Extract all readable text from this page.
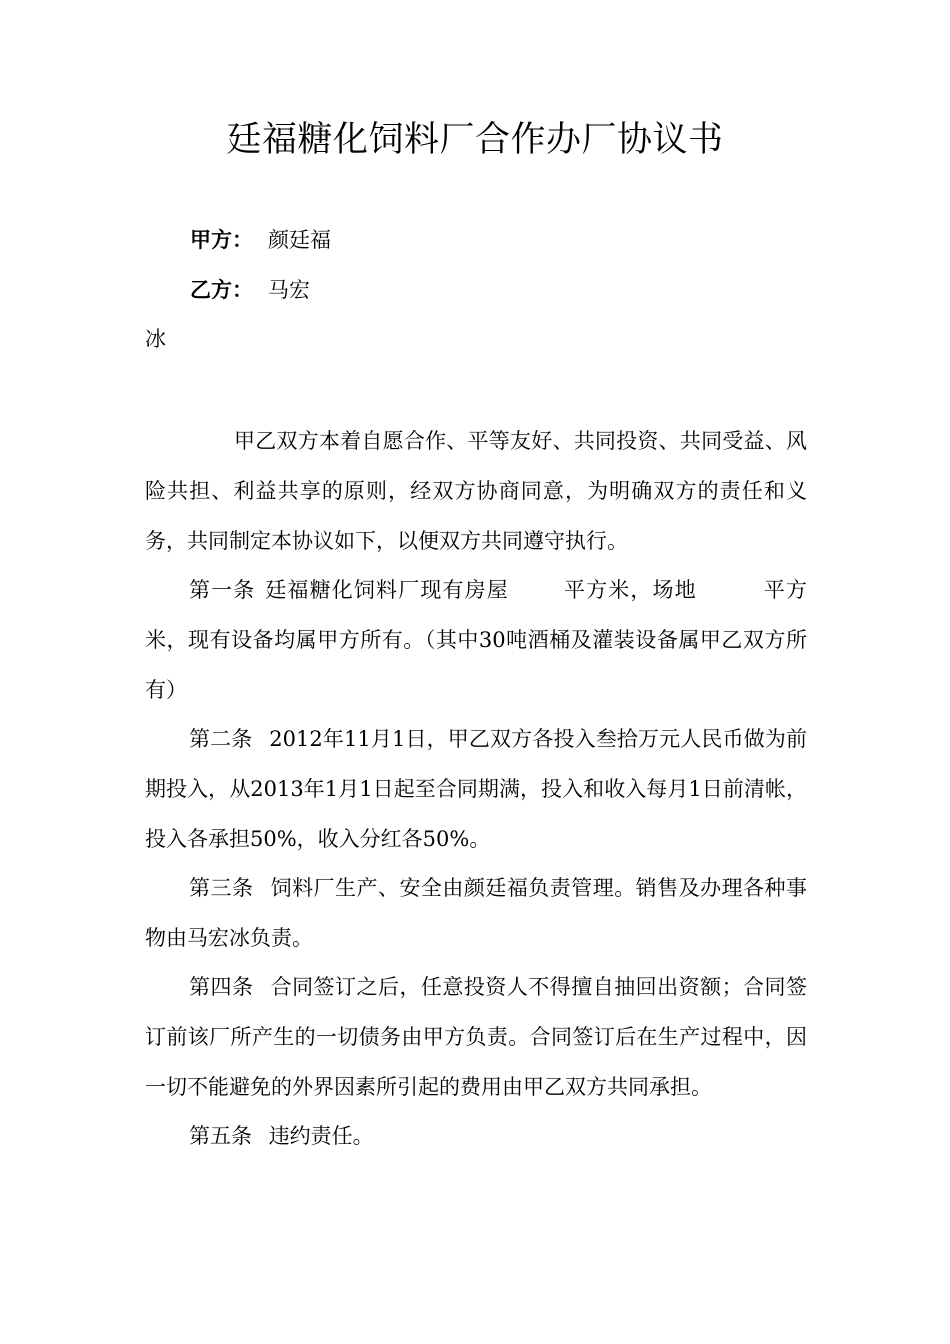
廷福糖化饲料厂合作办厂协议书
甲方： 颜廷福
乙方： 马宏
冰

甲乙双方本着自愿合作、平等友好、共同投资、共同受益、风险共担、利益共享的原则，经双方协商同意，为明确双方的责任和义务，共同制定本协议如下，以便双方共同遵守执行。

第一条 廷福糖化饲料厂现有房屋	平方米，场地	平方米，现有设备均属甲方所有。（其中30吨酒桶及灌装设备属甲乙双方所有）

第二条 2012年11月1日，甲乙双方各投入叁拾万元人民币做为前期投入，从2013年1月1日起至合同期满，投入和收入每月1日前清帐，投入各承担50%，收入分红各50%。

第三条 饲料厂生产、安全由颜廷福负责管理。销售及办理各种事物由马宏冰负责。

第四条 合同签订之后，任意投资人不得擅自抽回出资额；合同签订前该厂所产生的一切债务由甲方负责。合同签订后在生产过程中，因一切不能避免的外界因素所引起的费用由甲乙双方共同承担。

第五条 违约责任。
